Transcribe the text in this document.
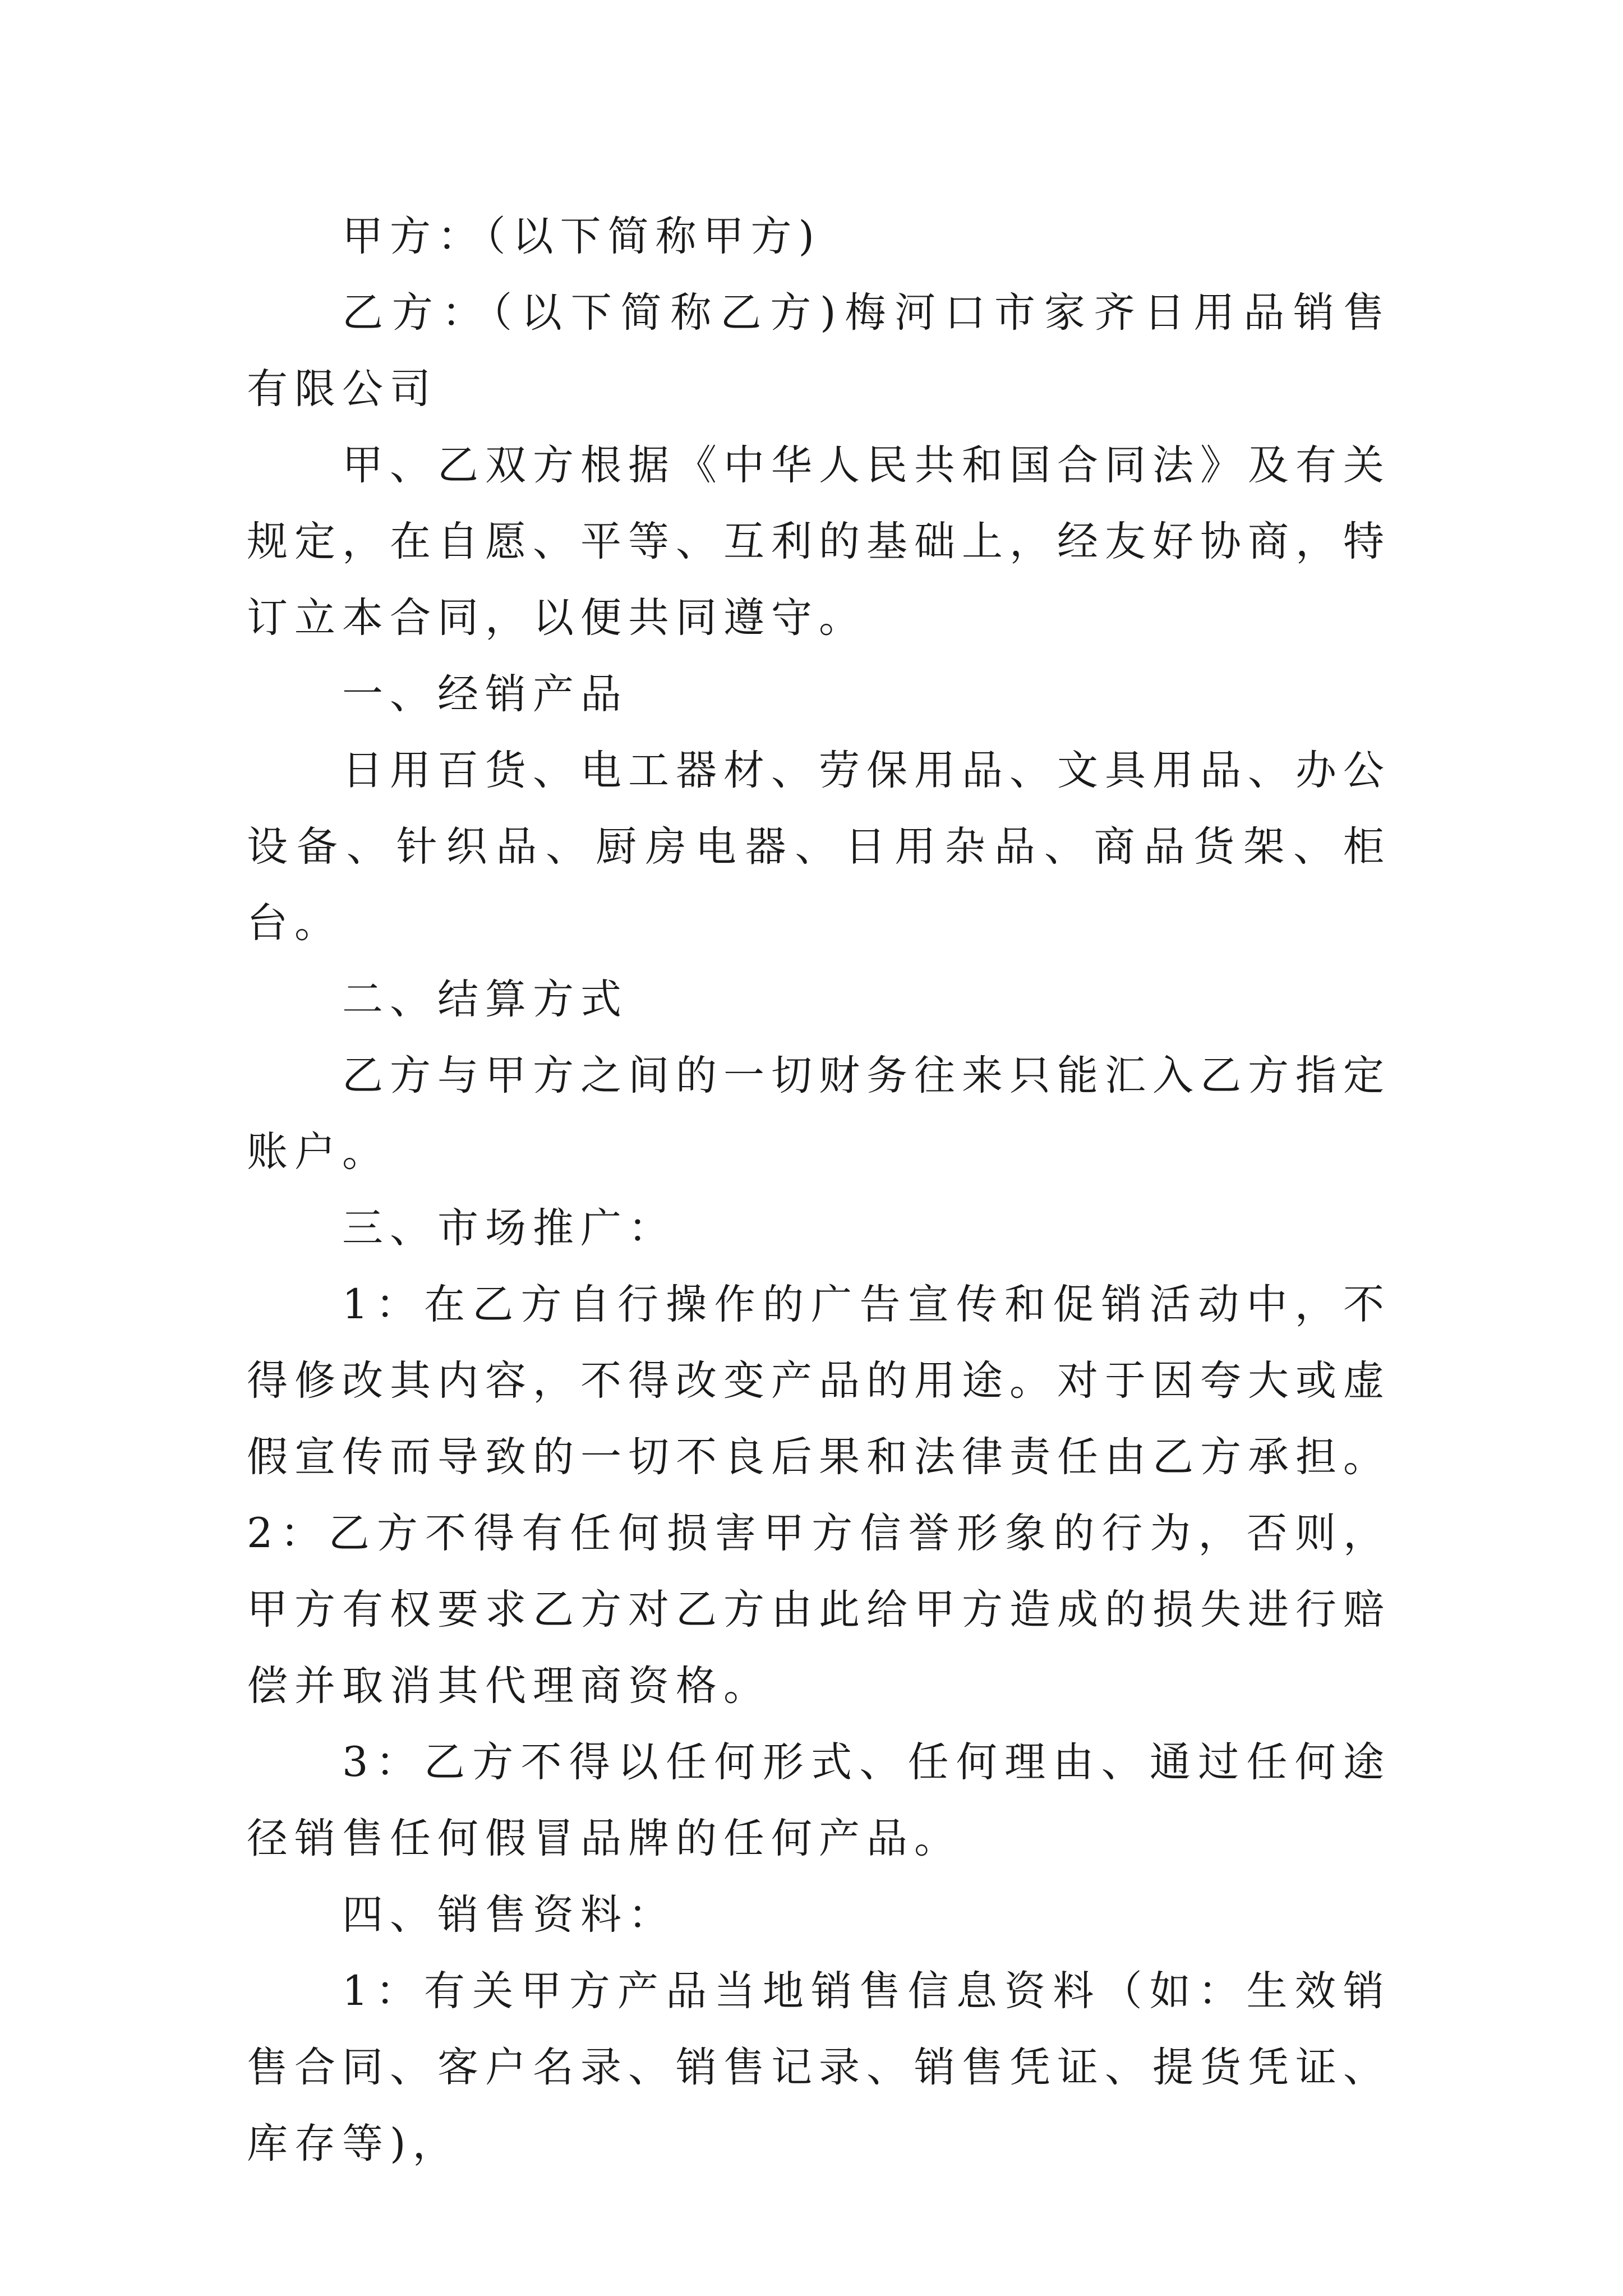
甲方：（以下简称甲方)

乙方：（以下简称乙方)梅河口市家齐日用品销售有限公司

甲、乙双方根据《中华人民共和国合同法》及有关规定，在自愿、平等、互利的基础上，经友好协商，特订立本合同，以便共同遵守。

一、经销产品

日用百货、电工器材、劳保用品、文具用品、办公设备、针织品、厨房电器、日用杂品、商品货架、柜台。

二、结算方式

乙方与甲方之间的一切财务往来只能汇入乙方指定账户。

三、市场推广：

1：在乙方自行操作的广告宣传和促销活动中，不得修改其内容，不得改变产品的用途。对于因夸大或虚假宣传而导致的一切不良后果和法律责任由乙方承担。 2：乙方不得有任何损害甲方信誉形象的行为，否则，甲方有权要求乙方对乙方由此给甲方造成的损失进行赔偿并取消其代理商资格。

3：乙方不得以任何形式、任何理由、通过任何途径销售任何假冒品牌的任何产品。

四、销售资料：

1：有关甲方产品当地销售信息资料（如：生效销售合同、客户名录、销售记录、销售凭证、提货凭证、库存等)，
